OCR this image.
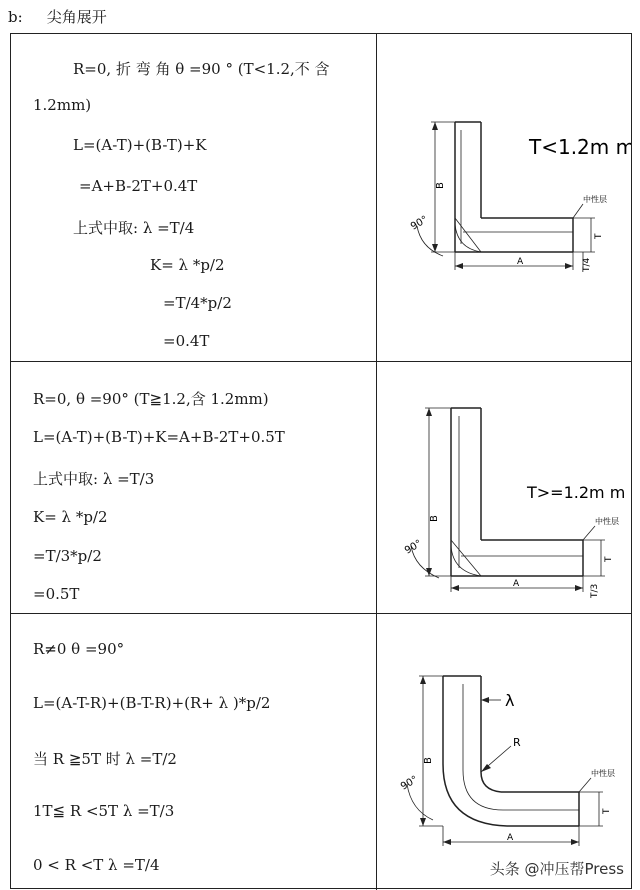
b: 尖角展开
R=0, 折 弯 角 θ =90 ° (T<1.2,不 含
1.2mm)
L=(A-T)+(B-T)+K
=A+B-2T+0.4T
上式中取: λ =T/4
K= λ *p/2
=T/4*p/2
=0.4T
T<1.2m m
B
A
T
T/4
90°
中性层
R=0, θ =90° (T≧1.2,含 1.2mm)
L=(A-T)+(B-T)+K=A+B-2T+0.5T
上式中取: λ =T/3
K= λ *p/2
=T/3*p/2
=0.5T
T>=1.2m m
B
A
T
T/3
90°
中性层
R≠0 θ =90°
L=(A-T-R)+(B-T-R)+(R+ λ )*p/2
当 R ≧5T 时 λ =T/2
1T≦ R <5T λ =T/3
0 < R <T λ =T/4
λ
R
B
A
T
90°
中性层
头条 @冲压帮Press
